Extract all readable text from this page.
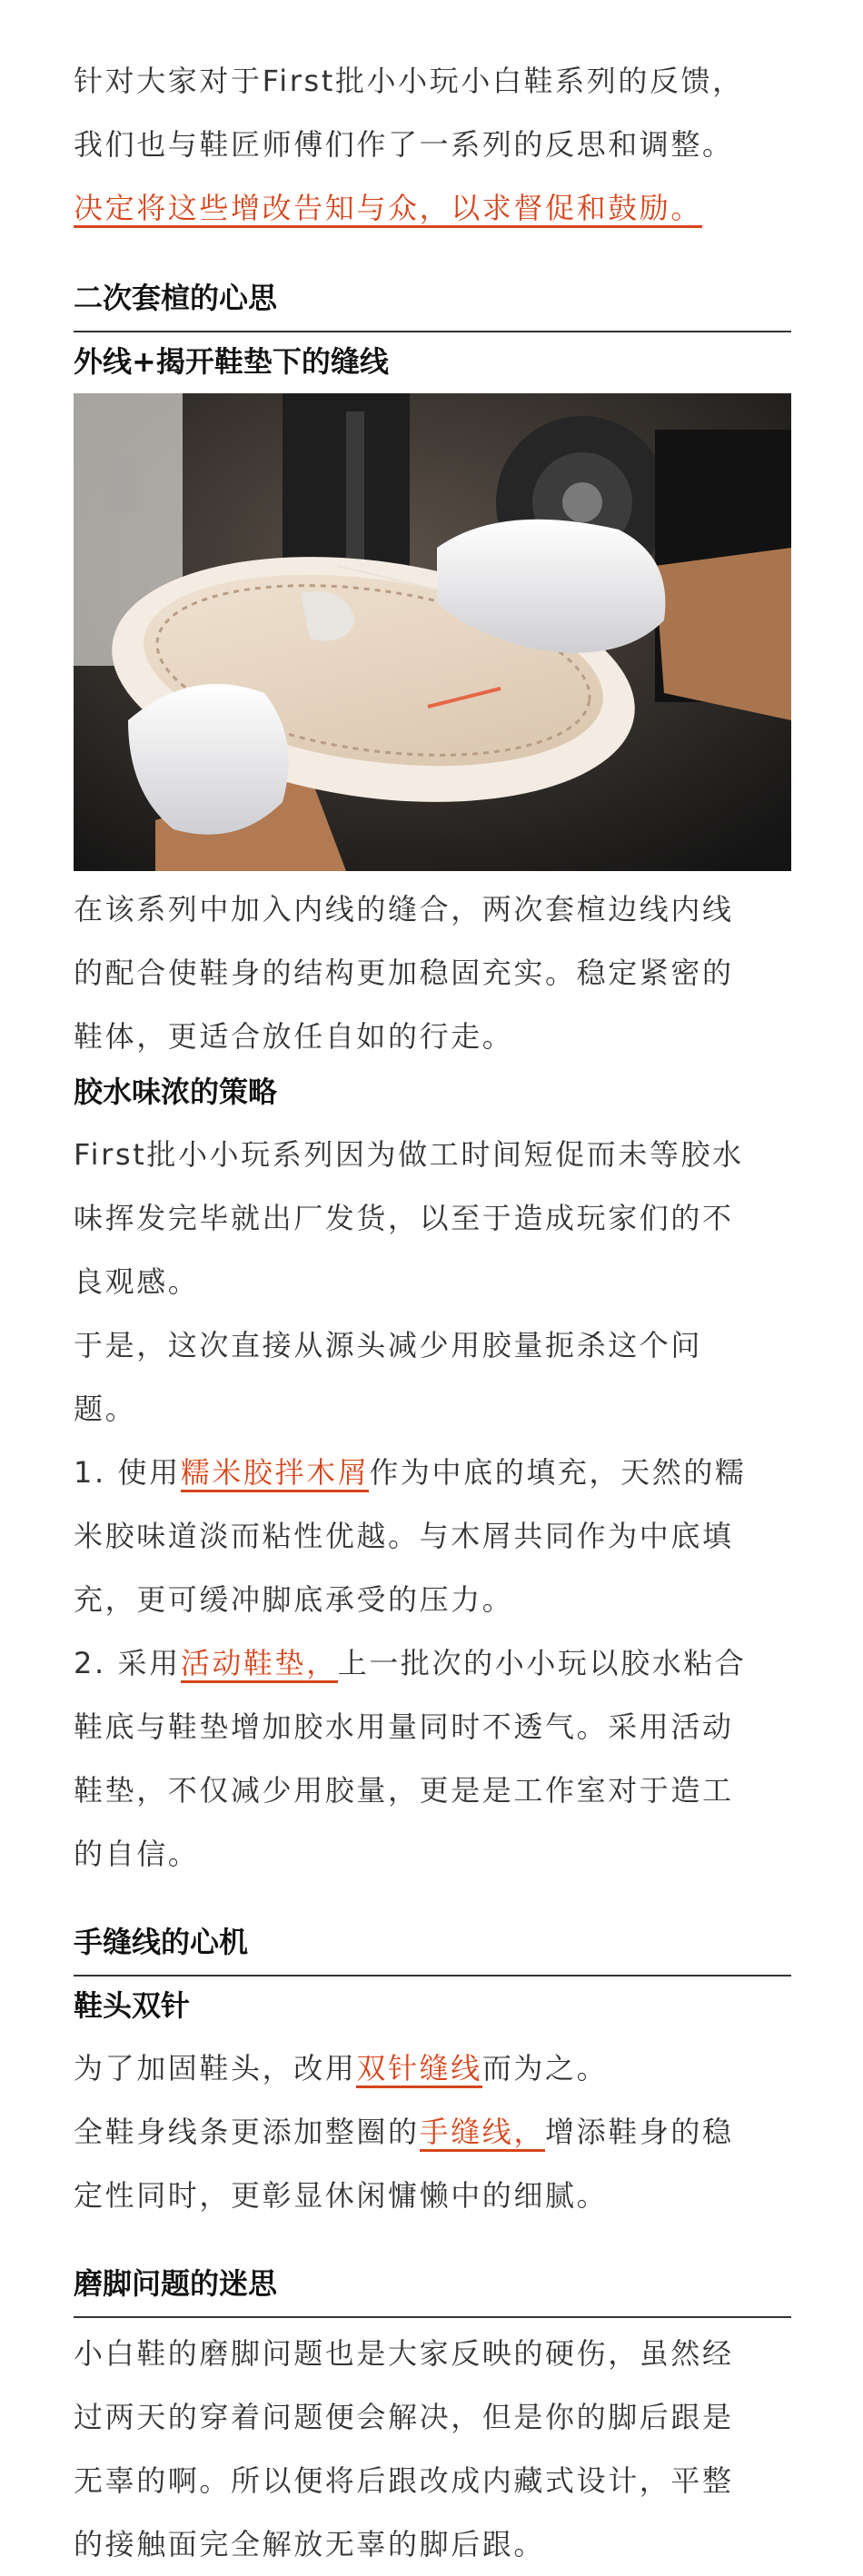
针对大家对于First批小小玩小白鞋系列的反馈，

我们也与鞋匠师傅们作了一系列的反思和调整。

决定将这些增改告知与众，以求督促和鼓励。

二次套楦的心思
外线+揭开鞋垫下的缝线

在该系列中加入内线的缝合，两次套楦边线内线

的配合使鞋身的结构更加稳固充实。稳定紧密的

鞋体，更适合放任自如的行走。

胶水味浓的策略

First批小小玩系列因为做工时间短促而未等胶水

味挥发完毕就出厂发货，以至于造成玩家们的不

良观感。

于是，这次直接从源头减少用胶量扼杀这个问

题。

1. 使用糯米胶拌木屑作为中底的填充，天然的糯

米胶味道淡而粘性优越。与木屑共同作为中底填

充，更可缓冲脚底承受的压力。

2. 采用活动鞋垫，上一批次的小小玩以胶水粘合

鞋底与鞋垫增加胶水用量同时不透气。采用活动

鞋垫，不仅减少用胶量，更是是工作室对于造工

的自信。

手缝线的心机
鞋头双针

为了加固鞋头，改用双针缝线而为之。

全鞋身线条更添加整圈的手缝线，增添鞋身的稳

定性同时，更彰显休闲慵懒中的细腻。

磨脚问题的迷思

小白鞋的磨脚问题也是大家反映的硬伤，虽然经

过两天的穿着问题便会解决，但是你的脚后跟是

无辜的啊。所以便将后跟改成内藏式设计，平整

的接触面完全解放无辜的脚后跟。
